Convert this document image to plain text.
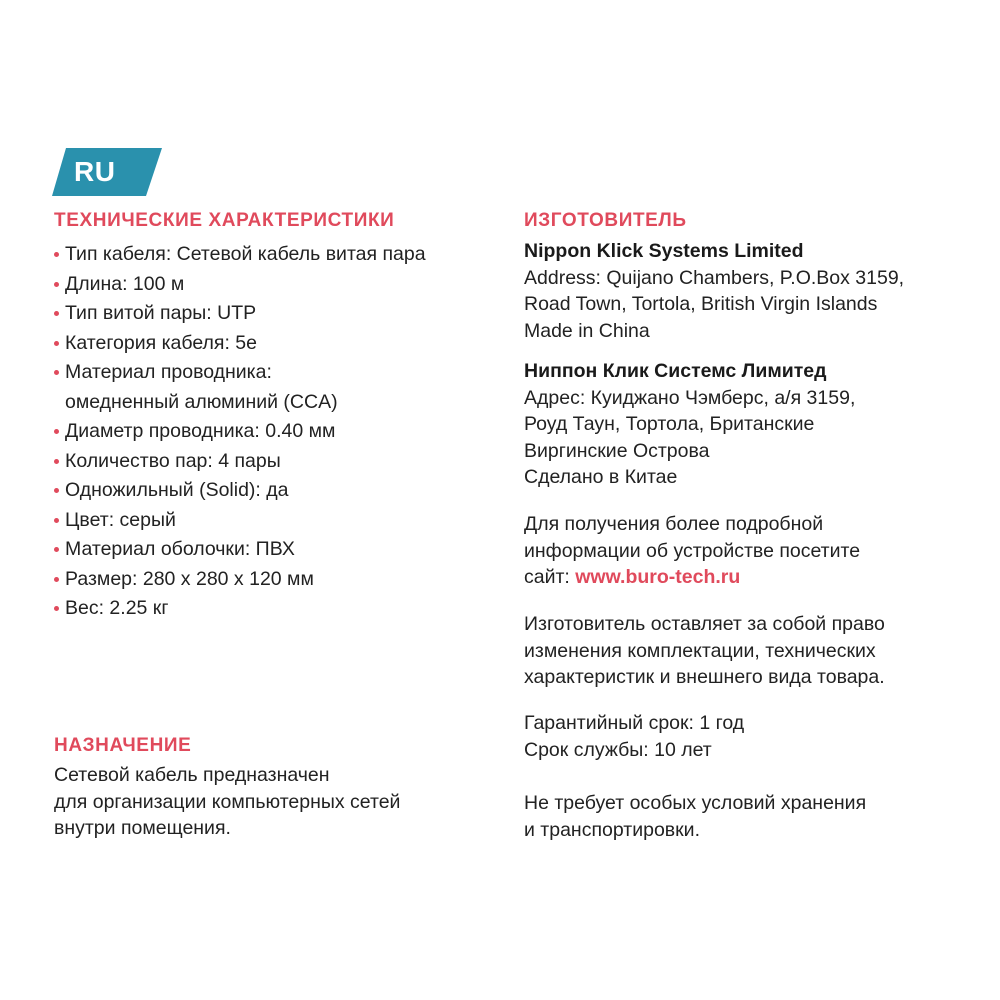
RU
ТЕХНИЧЕСКИЕ ХАРАКТЕРИСТИКИ
Тип кабеля: Сетевой кабель витая пара
Длина: 100 м
Тип витой пары: UTP
Категория кабеля: 5е
Материал проводника:
омедненный алюминий (CCA)
Диаметр проводника: 0.40 мм
Количество пар: 4 пары
Одножильный (Solid): да
Цвет: серый
Материал оболочки: ПВХ
Размер: 280 x 280 x 120 мм
Вес: 2.25 кг
НАЗНАЧЕНИЕ
Сетевой кабель предназначен
для организации компьютерных сетей
внутри помещения.
ИЗГОТОВИТЕЛЬ
Nippon Klick Systems Limited
Address: Quijano Chambers, P.O.Box 3159,
Road Town, Tortola, British Virgin Islands
Made in China
Ниппон Клик Системс Лимитед
Адрес: Куиджано Чэмберс, а/я 3159,
Роуд Таун, Тортола, Британские
Виргинские Острова
Сделано в Китае
Для получения более подробной
информации об устройстве посетите
сайт: www.buro-tech.ru
Изготовитель оставляет за собой право
изменения комплектации, технических
характеристик и внешнего вида товара.
Гарантийный срок: 1 год
Срок службы: 10 лет
Не требует особых условий хранения
и транспортировки.
